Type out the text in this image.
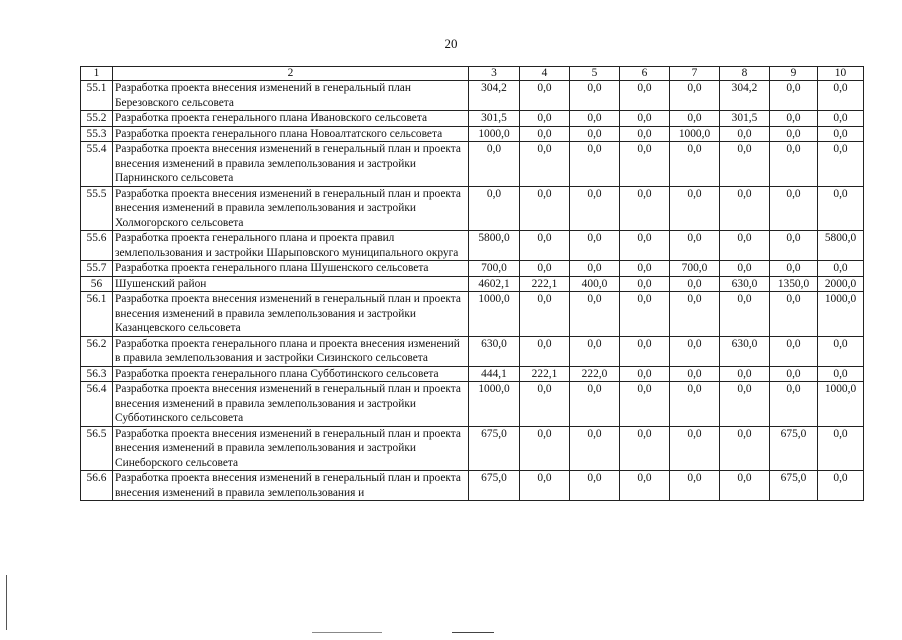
20
1	2	3	4	5	6	7	8	9	10
55.1	Разработка проекта внесения изменений в генеральный план Березовского сельсовета	304,2	0,0	0,0	0,0	0,0	304,2	0,0	0,0
55.2	Разработка проекта генерального плана Ивановского сельсовета	301,5	0,0	0,0	0,0	0,0	301,5	0,0	0,0
55.3	Разработка проекта генерального плана Новоалтатского сельсовета	1000,0	0,0	0,0	0,0	1000,0	0,0	0,0	0,0
55.4	Разработка проекта внесения изменений в генеральный план и проекта внесения изменений в правила землепользования и застройки Парнинского сельсовета	0,0	0,0	0,0	0,0	0,0	0,0	0,0	0,0
55.5	Разработка проекта внесения изменений в генеральный план и проекта внесения изменений в правила землепользования и застройки Холмогорского сельсовета	0,0	0,0	0,0	0,0	0,0	0,0	0,0	0,0
55.6	Разработка проекта генерального плана и проекта правил землепользования и застройки Шарыповского муниципального округа	5800,0	0,0	0,0	0,0	0,0	0,0	0,0	5800,0
55.7	Разработка проекта генерального плана Шушенского сельсовета	700,0	0,0	0,0	0,0	700,0	0,0	0,0	0,0
56	Шушенский район	4602,1	222,1	400,0	0,0	0,0	630,0	1350,0	2000,0
56.1	Разработка проекта внесения изменений в генеральный план и проекта внесения изменений в правила землепользования и застройки Казанцевского сельсовета	1000,0	0,0	0,0	0,0	0,0	0,0	0,0	1000,0
56.2	Разработка проекта генерального плана и проекта внесения изменений в правила землепользования и застройки Сизинского сельсовета	630,0	0,0	0,0	0,0	0,0	630,0	0,0	0,0
56.3	Разработка проекта генерального плана Субботинского сельсовета	444,1	222,1	222,0	0,0	0,0	0,0	0,0	0,0
56.4	Разработка проекта внесения изменений в генеральный план и проекта внесения изменений в правила землепользования и застройки Субботинского сельсовета	1000,0	0,0	0,0	0,0	0,0	0,0	0,0	1000,0
56.5	Разработка проекта внесения изменений в генеральный план и проекта внесения изменений в правила землепользования и застройки Синеборского сельсовета	675,0	0,0	0,0	0,0	0,0	0,0	675,0	0,0
56.6	Разработка проекта внесения изменений в генеральный план и проекта внесения изменений в правила землепользования и	675,0	0,0	0,0	0,0	0,0	0,0	675,0	0,0
